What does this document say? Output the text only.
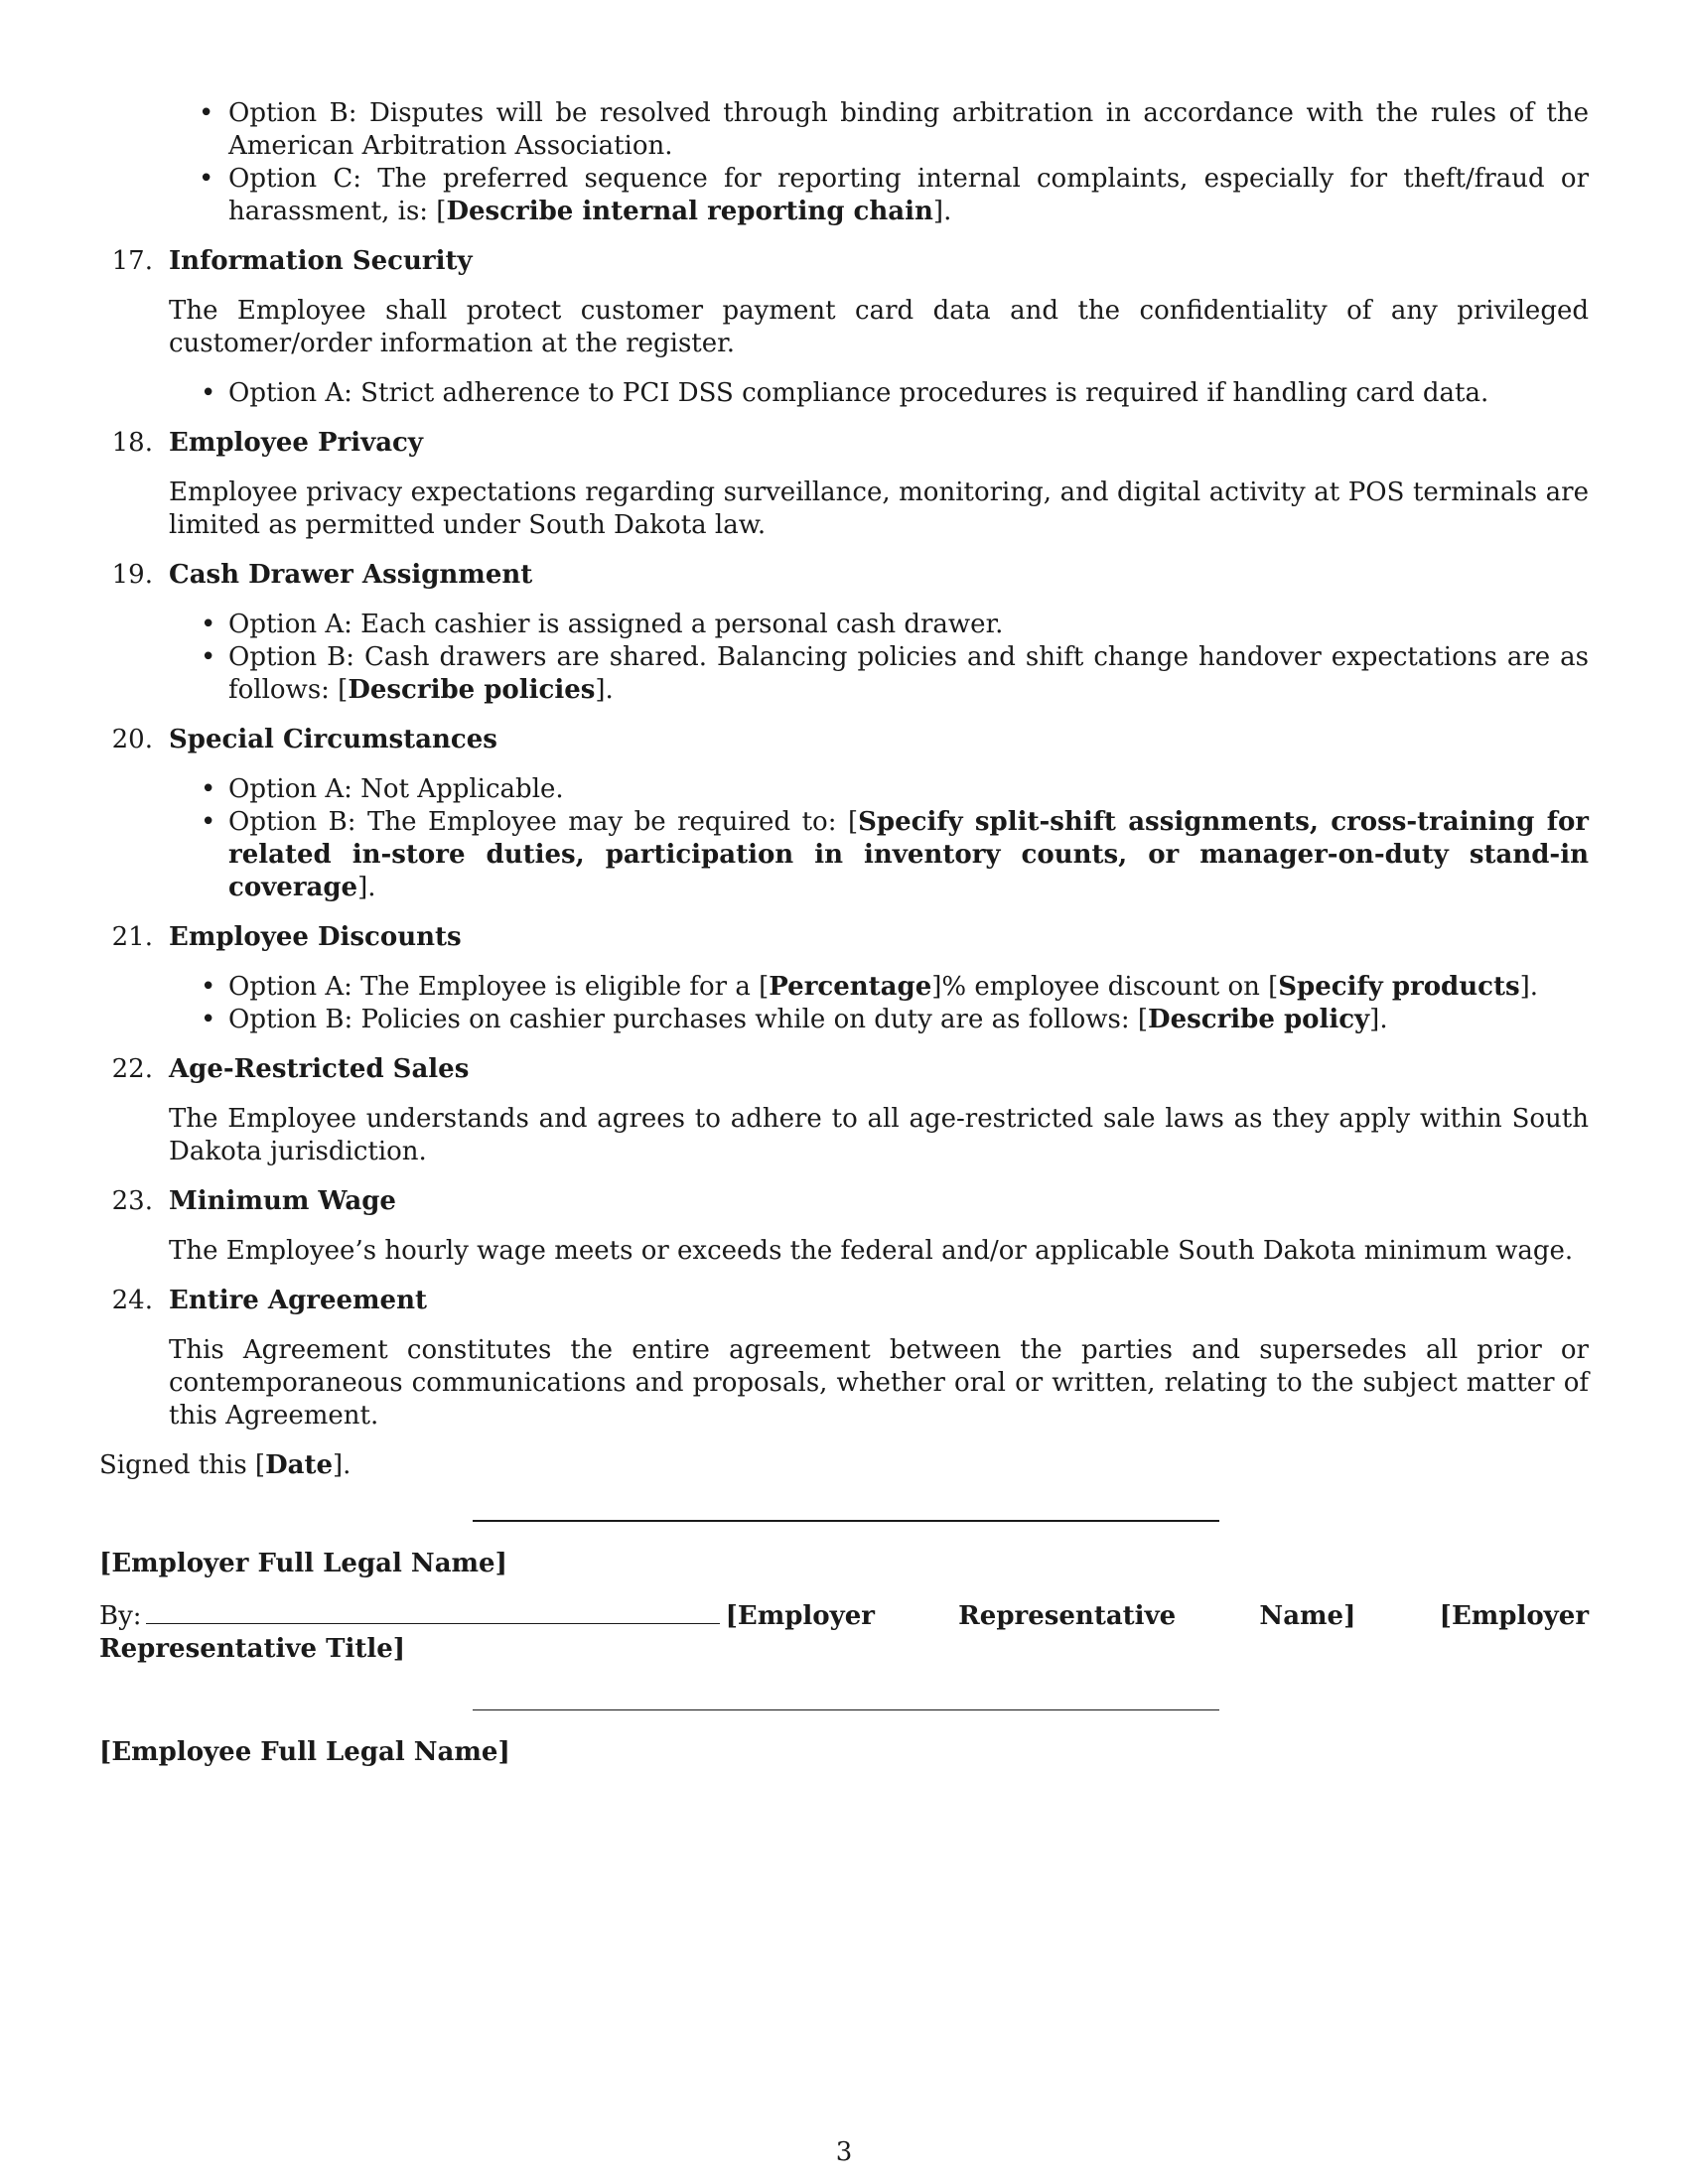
• Option B: Disputes will be resolved through binding arbitration in accordance with the rules of the American Arbitration Association.
• Option C: The preferred sequence for reporting internal complaints, especially for theft/fraud or harassment, is: [Describe internal reporting chain].
17. Information Security

The Employee shall protect customer payment card data and the confidentiality of any privileged customer/order information at the register.

• Option A: Strict adherence to PCI DSS compliance procedures is required if handling card data.
18. Employee Privacy

Employee privacy expectations regarding surveillance, monitoring, and digital activity at POS terminals are limited as permitted under South Dakota law.

19. Cash Drawer Assignment
• Option A: Each cashier is assigned a personal cash drawer.
• Option B: Cash drawers are shared. Balancing policies and shift change handover expectations are as follows: [Describe policies].
20. Special Circumstances
• Option A: Not Applicable.
• Option B: The Employee may be required to: [Specify split-shift assignments, cross-training for related in-store duties, participation in inventory counts, or manager-on-duty stand-in coverage].
21. Employee Discounts
• Option A: The Employee is eligible for a [Percentage]% employee discount on [Specify products].
• Option B: Policies on cashier purchases while on duty are as follows: [Describe policy].
22. Age-Restricted Sales

The Employee understands and agrees to adhere to all age-restricted sale laws as they apply within South Dakota jurisdiction.

23. Minimum Wage

The Employee’s hourly wage meets or exceeds the federal and/or applicable South Dakota minimum wage.

24. Entire Agreement

This Agreement constitutes the entire agreement between the parties and supersedes all prior or contemporaneous communications and proposals, whether oral or written, relating to the subject matter of this Agreement.

Signed this [Date].
[Employer Full Legal Name]
By:	[Employer Representative Name] [Employer Representative Title]
[Employee Full Legal Name]
3
